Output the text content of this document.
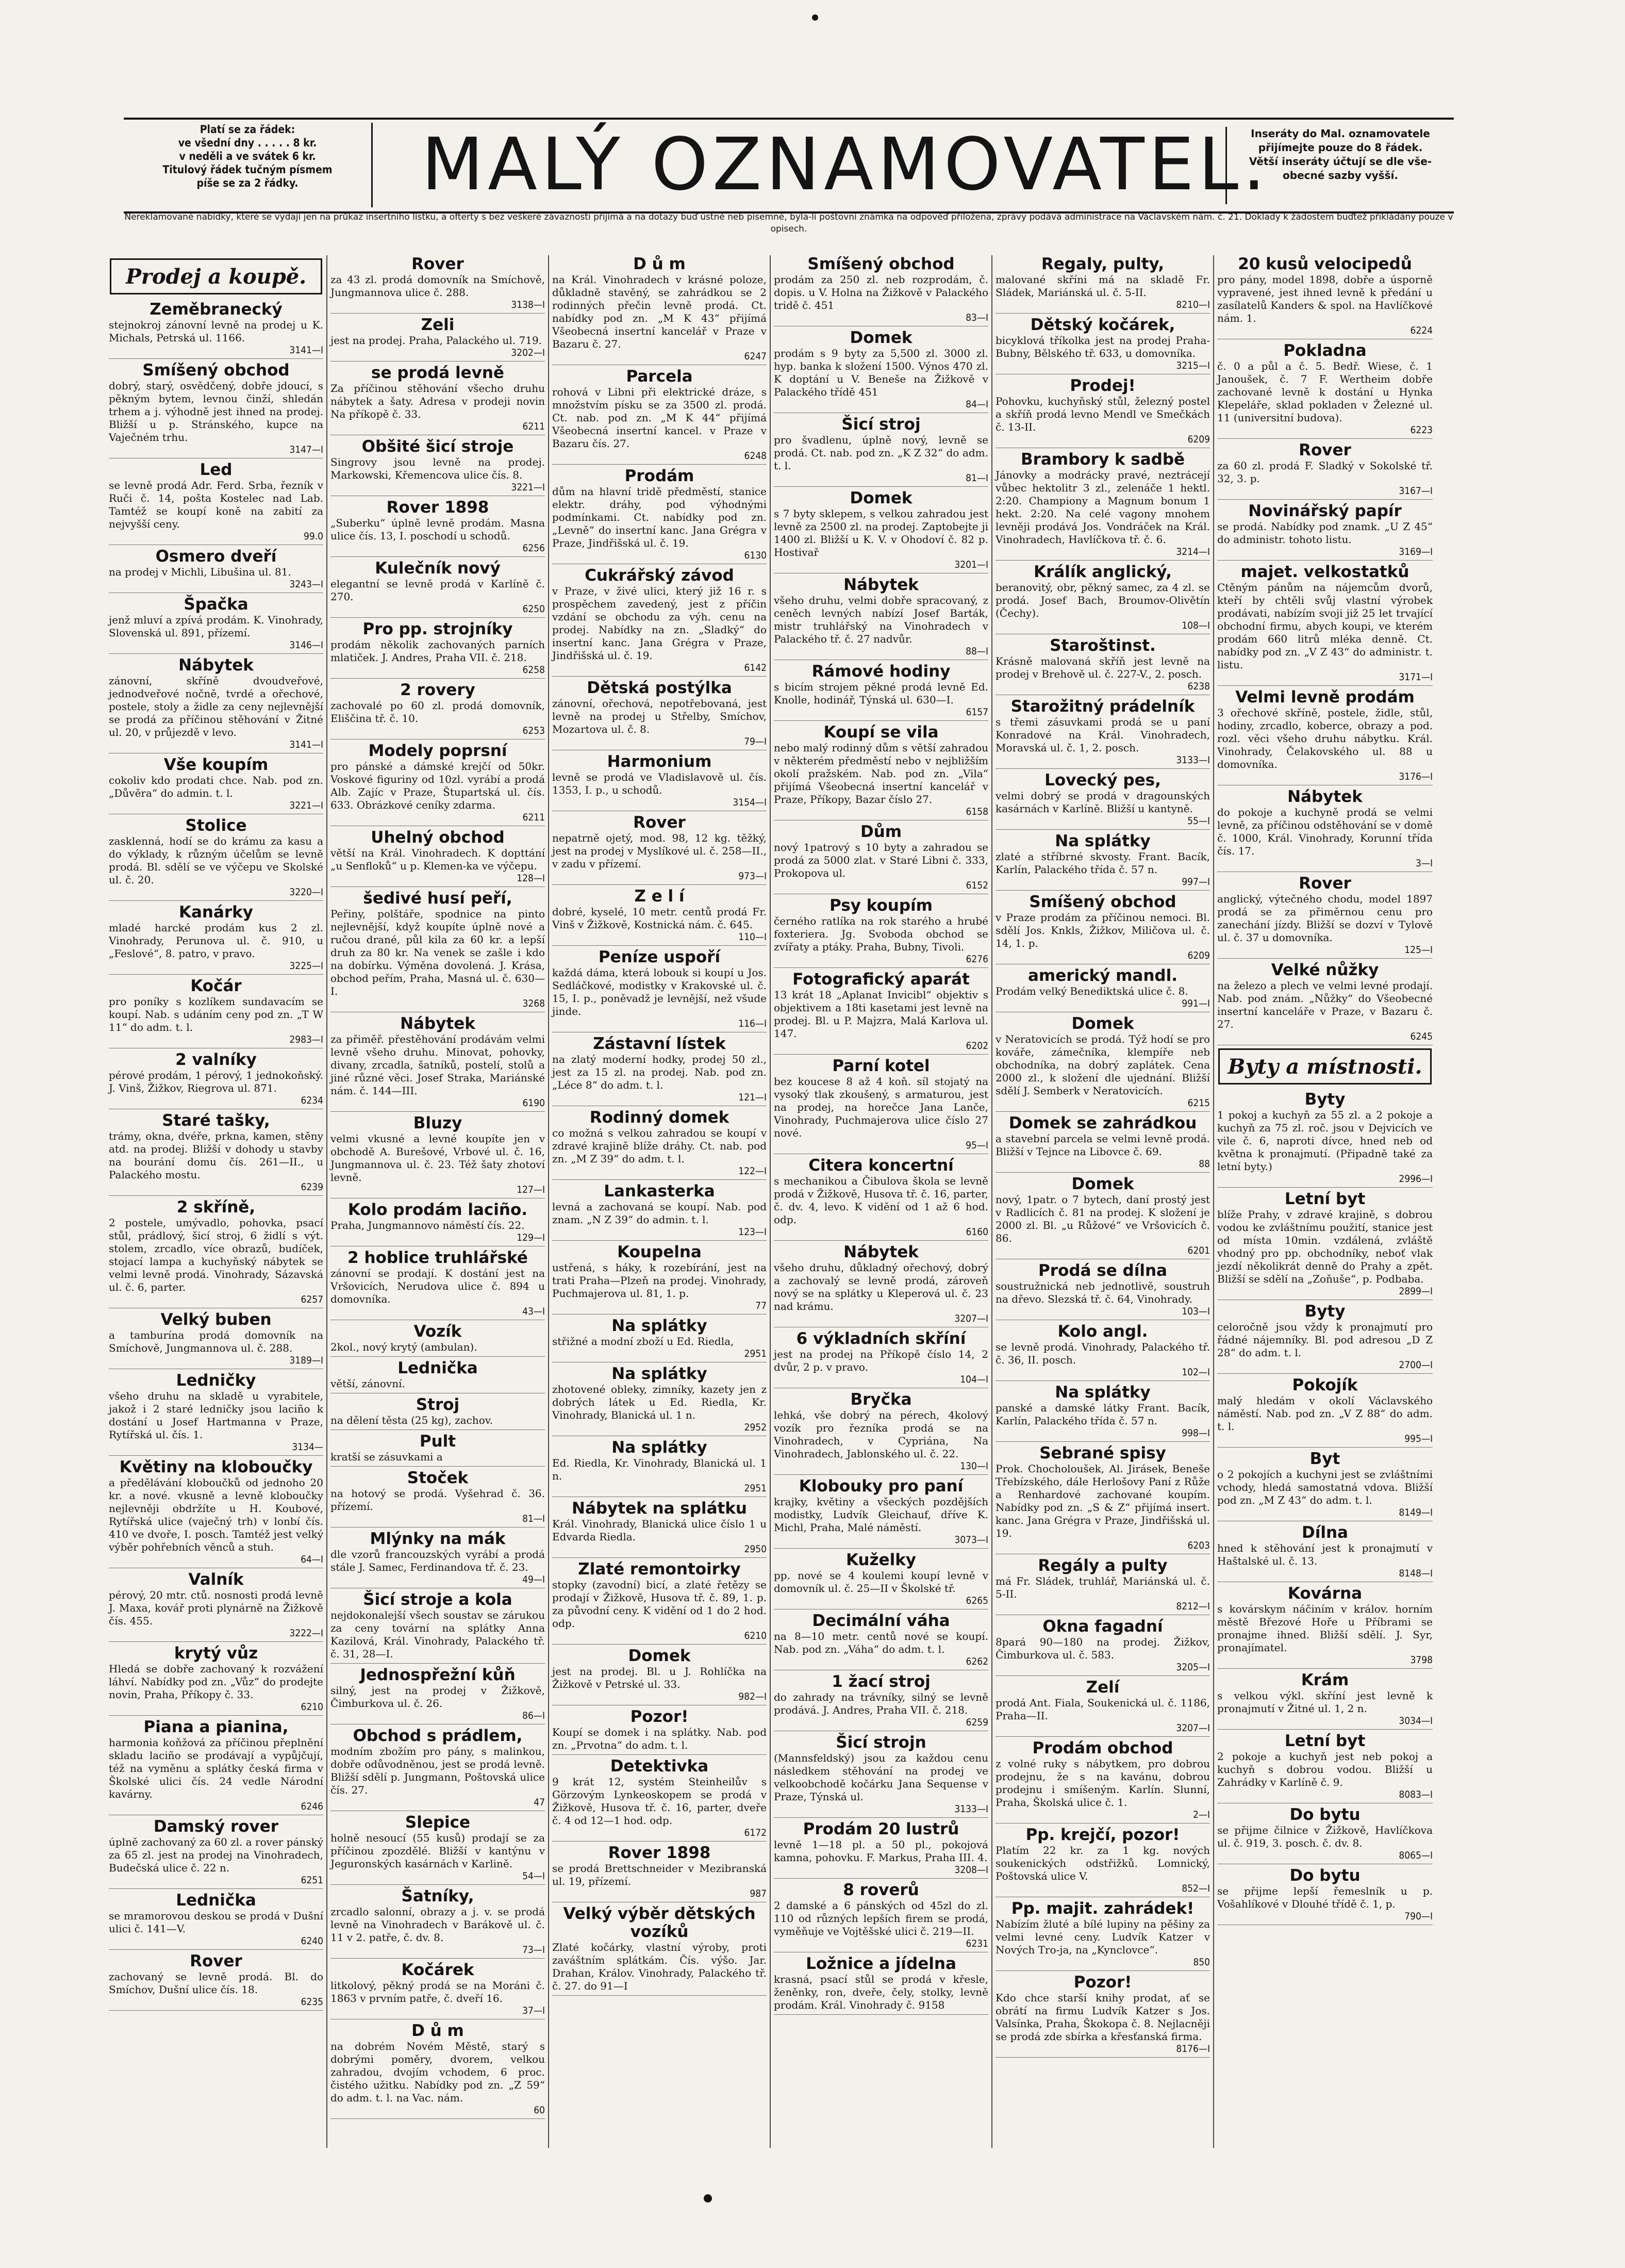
Platí se za řádek:
ve všední dny . . . . . 8 kr.
v neděli a ve svátek 6 kr.
Titulový řádek tučným písmem
píše se za 2 řádky.	MALÝ OZNAMOVATEL.
Inseráty do Mal. oznamovatele
přijímejte pouze do 8 řádek.
Větší inseráty účtují se dle vše-
obecné sazby vyšší.
Nereklamované nabídky, které se vydají jen na průkaz insertního lístku, a ofterty s bez veškeré závaznosti přijímá a na dotazy buď ústně neb písemné, byla-li poštovní známka na odpověď přiložena, zprávy podává administrace na Václavském nám. č. 21. Doklady k žádostem buďtež přikládány pouze v opisech.
Prodej a koupě.
Zeměbranecký

stejnokroj zánovní levně na prodej u K. Michals, Petrská ul. 1166.

3141—I
Smíšený obchod

dobrý, starý, osvědčený, dobře jdoucí, s pěkným bytem, levnou činží, shledán trhem a j. výhodně jest ihned na prodej. Bližší u p. Stránského, kupce na Vaječném trhu.

3147—I
Led

se levně prodá Adr. Ferd. Srba, řezník v Ruči č. 14, pošta Kostelec nad Lab. Tamtéž se koupí koně na zabití za nejvyšší ceny.

99.0
Osmero dveří

na prodej v Michli, Libušina ul. 81.

3243—I
Špačka

jenž mluví a zpívá prodám. K. Vinohrady, Slovenská ul. 891, přízemí.

3146—I
Nábytek

zánovní, skříně dvoudveřové, jednodveřové nočně, tvrdé a ořechové, postele, stoly a židle za ceny nejlevnější se prodá za příčinou stěhování v Žitné ul. 20, v průjezdě v levo.

3141—I
Vše koupím

cokoliv kdo prodati chce. Nab. pod zn. „Důvěra“ do admin. t. l.

3221—I
Stolice

zasklenná, hodí se do krámu za kasu a do výklady, k různým účelům se levně prodá. Bl. sdělí se ve výčepu ve Skolské ul. č. 20.

3220—I
Kanárky

mladé harcké prodám kus 2 zl. Vinohrady, Perunova ul. č. 910, u „Feslové“, 8. patro, v pravo.

3225—I
Kočár

pro poníky s kozlíkem sundavacím se koupí. Nab. s udáním ceny pod zn. „T W 11“ do adm. t. l.

2983—I
2 valníky

pérové prodám, 1 pérový, 1 jednokoňský. J. Vinš, Žižkov, Riegrova ul. 871.

6234
Staré tašky,

trámy, okna, dvéře, prkna, kamen, stěny atd. na prodej. Bližší v dohody u stavby na bourání domu čís. 261—II., u Palackého mostu.

6239
2 skříně,

2 postele, umývadlo, pohovka, psací stůl, prádlový, šicí stroj, 6 židlí s výt. stolem, zrcadlo, více obrazů, budíček, stojací lampa a kuchyňský nábytek se velmi levně prodá. Vinohrady, Sázavská ul. č. 6, parter.

6257
Velký buben

a tamburína prodá domovník na Smíchově, Jungmannova ul. č. 288.

3189—I
Ledničky

všeho druhu na skladě u vyrabitele, jakož i 2 staré ledničky jsou laciño k dostání u Josef Hartmanna v Praze, Rytířská ul. čís. 1.

3134—
Květiny na kloboučky

a předělávání kloboučků od jednoho 20 kr. a nové. vkusně a levně kloboučky nejlevněji obdržíte u H. Koubové, Rytířská ulice (vaječný trh) v lonbí čís. 410 ve dvoře, I. posch. Tamtéž jest velký výběr pohřebních věnců a stuh.

64—I
Valník

pérový, 20 mtr. ctů. nosnosti prodá levně J. Maxa, kovář proti plynárně na Žižkově čís. 455.

3222—I
krytý vůz

Hledá se dobře zachovaný k rozvážení láhví. Nabídky pod zn. „Vůz“ do prodejte novin, Praha, Příkopy č. 33.

6210
Piana a pianina,

harmonia koňžová za příčinou přeplnění skladu laciño se prodávají a vypůjčují, též na vyměnu a splátky česká firma v Školské ulici čís. 24 vedle Národní kavárny.

6246
Damský rover

úplně zachovaný za 60 zl. a rover pánský za 65 zl. jest na prodej na Vinohradech, Budečská ulice č. 22 n.

6251
Lednička

se mramorovou deskou se prodá v Dušní ulici č. 141—V.

6240
Rover

zachovaný se levně prodá. Bl. do Smíchov, Dušní ulice čís. 18.

6235
Rover

za 43 zl. prodá domovník na Smíchově, Jungmannova ulice č. 288.

3138—I
Zeli

jest na prodej. Praha, Palackého ul. 719.

3202—I
se prodá levně

Za příčinou stěhování všecho druhu nábytek a šaty. Adresa v prodeji novin Na příkopě č. 33.

6211
Obšité šicí stroje

Singrovy jsou levně na prodej. Markowski, Křemencova ulice čís. 8.

3221—I
Rover 1898

„Suberku“ úplně levně prodám. Masna ulice čís. 13, I. poschodí u schodů.

6256
Kulečník nový

elegantní se levně prodá v Karlíně č. 270.

6250
Pro pp. strojníky

prodám několik zachovaných parních mlatiček. J. Andres, Praha VII. č. 218.

6258
2 rovery

zachovalé po 60 zl. prodá domovník, Eliščina tř. č. 10.

6253
Modely poprsní

pro pánské a dámské krejčí od 50kr. Voskové figuriny od 10zl. vyrábí a prodá Alb. Zajíc v Praze, Štupartská ul. čís. 633. Obrázkové ceníky zdarma.

6211
Uhelný obchod

větší na Král. Vinohradech. K dopttání „u Senfloků“ u p. Klemen-ka ve výčepu.

128—I
šedivé husí peří,

Peřiny, polštáře, spodnice na pinto nejlevnější, když koupíte úplně nové a ručou drané, půl kila za 60 kr. a lepší druh za 80 kr. Na venek se zašle i kdo na dobírku. Výměna dovolená. J. Krása, obchod peřím, Praha, Masná ul. č. 630—I.

3268
Nábytek

za přiměř. přestěhování prodávám velmi levně všeho druhu. Minovat, pohovky, divany, zrcadla, šatníků, postelí, stolů a jiné různé věci. Josef Straka, Mariánské nám. č. 144—III.

6190
Bluzy

velmi vkusné a levné koupíte jen v obchodě A. Burešové, Vrbové ul. č. 16, Jungmannova ul. č. 23. Též šaty zhotoví levně.

127—I
Kolo prodám laciño.

Praha, Jungmannovo náměstí čís. 22.

129—I
2 hoblice truhlářské

zánovní se prodají. K dostání jest na Vršovicích, Nerudova ulice č. 894 u domovníka.

43—I
Vozík

2kol., nový krytý (ambulan).

Lednička

větší, zánovní.

Stroj

na dělení těsta (25 kg), zachov.

Pult

kratší se zásuvkami a

Stoček

na hotový se prodá. Vyšehrad č. 36. přízemí.

81—I
Mlýnky na mák

dle vzorů francouzských vyrábí a prodá stále J. Samec, Ferdinandova tř. č. 23.

49—I
Šicí stroje a kola

nejdokonalejší všech soustav se zárukou za ceny tovární na splátky Anna Kazilová, Král. Vinohrady, Palackého tř. č. 31, 28—I.

Jednospřežní kůň

silný, jest na prodej v Žižkově, Čimburkova ul. č. 26.

86—I
Obchod s prádlem,

modním zbožím pro pány, s malinkou, dobře odůvodněnou, jest se prodá levně. Bližší sdělí p. Jungmann, Poštovská ulice čís. 27.

47
Slepice

holně nesoucí (55 kusů) prodají se za příčinou zpozdělé. Bližší v kantýnu v Jeguronských kasárnách v Karlině.

54—I
Šatníky,

zrcadlo salonní, obrazy a j. v. se prodá levně na Vinohradech v Barákově ul. č. 11 v 2. patře, č. dv. 8.

73—I
Kočárek

litkolový, pěkný prodá se na Moráni č. 1863 v prvním patře, č. dveří 16.

37—I
D ů m

na dobrém Novém Městě, starý s dobrými poměry, dvorem, velkou zahradou, dvojím vchodem, 6 proc. čistého užitku. Nabídky pod zn. „Z 59“ do adm. t. l. na Vac. nám.

60
D ů m

na Král. Vinohradech v krásné poloze, důkladně stavěný, se zahrádkou se 2 rodinných přečin levně prodá. Ct. nabídky pod zn. „M K 43“ přijímá Všeobecná insertní kancelář v Praze v Bazaru č. 27.

6247
Parcela

rohová v Libni při elektrické dráze, s množstvím písku se za 3500 zl. prodá. Ct. nab. pod zn. „M K 44“ přijímá Všeobecná insertní kancel. v Praze v Bazaru čís. 27.

6248
Prodám

dům na hlavní tridě předměstí, stanice elektr. dráhy, pod výhodnými podmínkami. Ct. nabídky pod zn. „Levně“ do insertní kanc. Jana Grégra v Praze, Jindřišská ul. č. 19.

6130
Cukrářský závod

v Praze, v živé ulici, který již 16 r. s prospěchem zavedený, jest z příčin vzdání se obchodu za výh. cenu na prodej. Nabídky na zn. „Sladký“ do insertní kanc. Jana Grégra v Praze, Jindřišská ul. č. 19.

6142
Dětská postýlka

zánovní, ořechová, nepotřebovaná, jest levně na prodej u Střelby, Smíchov, Mozartova ul. č. 8.

79—I
Harmonium

levně se prodá ve Vladislavově ul. čís. 1353, I. p., u schodů.

3154—I
Rover

nepatrně ojetý, mod. 98, 12 kg. těžký, jest na prodej v Myslíkové ul. č. 258—II., v zadu v přízemí.

973—I
Z e l í

dobré, kyselé, 10 metr. centů prodá Fr. Vinš v Žižkově, Kostnická nám. č. 645.

110—I
Peníze uspoří

každá dáma, která lobouk si koupí u Jos. Sedláčkové, modistky v Krakovské ul. č. 15, I. p., poněvadž je levnější, než všude jinde.

116—I
Zástavní lístek

na zlatý moderní hodky, prodej 50 zl., jest za 15 zl. na prodej. Nab. pod zn. „Léce 8“ do adm. t. l.

121—I
Rodinný domek

co možná s velkou zahradou se koupí v zdravé krajině blíže dráhy. Ct. nab. pod zn. „M Z 39“ do adm. t. l.

122—I
Lankasterka

levná a zachovaná se koupí. Nab. pod znam. „N Z 39“ do admin. t. l.

123—I
Koupelna

ustřená, s háky, k rozebírání, jest na trati Praha—Plzeň na prodej. Vinohrady, Puchmajerova ul. 81, 1. p.

77
Na splátky

střižné a modní zboží u Ed. Riedla,

2951
Na splátky

zhotovené obleky, zimníky, kazety jen z dobrých látek u Ed. Riedla, Kr. Vinohrady, Blanická ul. 1 n.

2952
Na splátky

Ed. Riedla, Kr. Vinohrady, Blanická ul. 1 n.

2951
Nábytek na splátku

Král. Vinohrady, Blanická ulice číslo 1 u Edvarda Riedla.

2950
Zlaté remontoirky

stopky (zavodní) bicí, a zlaté řetězy se prodají v Žižkově, Husova tř. č. 89, 1. p. za původní ceny. K vidění od 1 do 2 hod. odp.

6210
Domek

jest na prodej. Bl. u J. Rohlíčka na Žižkově v Petrské ul. 33.

982—I
Pozor!

Koupí se domek i na splátky. Nab. pod zn. „Prvotna“ do adm. t. l.

Detektivka

9 krát 12, systém Steinheilův s Görzovým Lynkeoskopem se prodá v Žižkově, Husova tř. č. 16, parter, dveře č. 4 od 12—1 hod. odp.

6172
Rover 1898

se prodá Brettschneider v Mezibranská ul. 19, přízemí.

987
Velký výběr dětských vozíků

Zlaté kočárky, vlastní výroby, proti zaváštním splátkám. Čís. výšo. Jar. Drahan, Králov. Vinohrady, Palackého tř. č. 27. do 91—I

Smíšený obchod

prodám za 250 zl. neb rozprodám, č. dopis. u V. Holna na Žižkově v Palackého tridě č. 451

83—I
Domek

prodám s 9 byty za 5,500 zl. 3000 zl. hyp. banka k složení 1500. Výnos 470 zl. K doptání u V. Beneše na Žižkově v Palackého třídě 451

84—I
Šicí stroj

pro švadlenu, úplně nový, levně se prodá. Ct. nab. pod zn. „K Z 32“ do adm. t. l.

81—I
Domek

s 7 byty sklepem, s velkou zahradou jest levně za 2500 zl. na prodej. Zaptobejte ji 1400 zl. Bližší u K. V. v Ohodoví č. 82 p. Hostivař

3201—I
Nábytek

všeho druhu, velmi dobře spracovaný, z ceněch levných nabízí Josef Barták, mistr truhlářský na Vinohradech v Palackého tř. č. 27 nadvůr.

88—I
Rámové hodiny

s bicím strojem pěkné prodá levně Ed. Knolle, hodinář, Týnská ul. 630—I.

6157
Koupí se vila

nebo malý rodinný dům s větší zahradou v některém předměstí nebo v nejbližším okolí pražském. Nab. pod zn. „Vila“ přijímá Všeobecná insertní kancelář v Praze, Příkopy, Bazar číslo 27.

6158
Dům

nový 1patrový s 10 byty a zahradou se prodá za 5000 zlat. v Staré Libni č. 333, Prokopova ul.

6152
Psy koupím

černého ratlíka na rok starého a hrubé foxteriera. Jg. Svoboda obchod se zvířaty a ptáky. Praha, Bubny, Tivoli.

6276
Fotografický aparát

13 krát 18 „Aplanat Invicibl“ objektiv s objektivem a 18ti kasetami jest levně na prodej. Bl. u P. Majzra, Malá Karlova ul. 147.

6202
Parní kotel

bez koucese 8 až 4 koň. síl stojatý na vysoký tlak zkoušený, s armaturou, jest na prodej, na horečce Jana Lanče, Vinohrady, Puchmajerova ulice číslo 27 nové.

95—I
Citera koncertní

s mechanikou a Čibulova škola se levně prodá v Žižkově, Husova tř. č. 16, parter, č. dv. 4, levo. K vidění od 1 až 6 hod. odp.

6160
Nábytek

všeho druhu, důkladný ořechový, dobrý a zachovalý se levně prodá, zároveň nový se na splátky u Kleperová ul. č. 23 nad krámu.

3207—I
6 výkladních skříní

jest na prodej na Příkopě číslo 14, 2 dvůr, 2 p. v pravo.

104—I
Bryčka

lehká, vše dobrý na pérech, 4kolový vozík pro řezníka prodá se na Vinohradech, v Cypriána, Na Vinohradech, Jablonského ul. č. 22.

130—I
Klobouky pro paní

krajky, květiny a všeckých pozdějších modistky, Ludvík Gleichauf, dříve K. Michl, Praha, Malé náměstí.

3073—I
Kuželky

pp. nové se 4 koulemi koupí levně v domovník ul. č. 25—II v Školské tř.

6265
Decimální váha

na 8—10 metr. centů nové se koupí. Nab. pod zn. „Váha“ do adm. t. l.

6262
1 žací stroj

do zahrady na trávníky, silný se levně prodává. J. Andres, Praha VII. č. 218.

6259
Šicí strojn

(Mannsfeldský) jsou za každou cenu následkem stěhování na prodej ve velkoobchodě kočárku Jana Sequense v Praze, Týnská ul.

3133—I
Prodám 20 lustrů

levně 1—18 pl. a 50 pl., pokojová kamna, pohovku. F. Markus, Praha III. 4.

3208—I
8 roverů

2 damské a 6 pánských od 45zl do zl. 110 od různých lepších firem se prodá, vyměňuje ve Vojtěšské ulici č. 219—II.

6231
Ložnice a jídelna

krasná, psací stůl se prodá v křesle, ženěnky, ron, dveře, čely, stolky, levně prodám. Král. Vinohrady č. 9158

Regaly, pulty,

malované skříni má na skladě Fr. Sládek, Mariánská ul. č. 5-II.

8210—I
Dětský kočárek,

bicyklová tříkolka jest na prodej Praha-Bubny, Bělského tř. 633, u domovníka.

3215—I
Prodej!

Pohovku, kuchyňský stůl, železný postel a skříň prodá levno Mendl ve Smečkách č. 13-II.

6209
Brambory k sadbě

Jánovky a modrácky pravé, neztrácejí vůbec hektolitr 3 zl., zelenáče 1 hektl. 2:20. Championy a Magnum bonum 1 hekt. 2:20. Na celé vagony mnohem levněji prodává Jos. Vondráček na Král. Vinohradech, Havlíčkova tř. č. 6.

3214—I
Králík anglický,

beranovitý, obr, pěkný samec, za 4 zl. se prodá. Josef Bach, Broumov-Olivětín (Čechy).

108—I
Staroštinst.

Krásně malovaná skříň jest levně na prodej v Brehově ul. č. 227-V., 2. posch.

6238
Starožitný prádelník

s třemi zásuvkami prodá se u paní Konradové na Král. Vinohradech, Moravská ul. č. 1, 2. posch.

3133—I
Lovecký pes,

velmi dobrý se prodá v dragounských kasárnách v Karlíně. Bližší u kantyně.

55—I
Na splátky

zlaté a stříbrné skvosty. Frant. Bacík, Karlín, Palackého třída č. 57 n.

997—I
Smíšený obchod

v Praze prodám za příčinou nemoci. Bl. sdělí Jos. Knkls, Žižkov, Miličova ul. č. 14, 1. p.

6209
americký mandl.

Prodám velký Benediktská ulice č. 8.

991—I
Domek

v Neratovicích se prodá. Týž hodí se pro kováře, zámečníka, klempíře neb obchodníka, na dobrý zaplátek. Cena 2000 zl., k složení dle ujednání. Bližší sdělí J. Semberk v Neratovicích.

6215
Domek se zahrádkou

a stavební parcela se velmi levně prodá. Bližší v Tejnce na Libovce č. 69.

88
Domek

nový, 1patr. o 7 bytech, daní prostý jest v Radlicích č. 81 na prodej. K složení je 2000 zl. Bl. „u Růžové“ ve Vršovicích č. 86.

6201
Prodá se dílna

soustružnická neb jednotlivě, soustruh na dřevo. Slezská tř. č. 64, Vinohrady.

103—I
Kolo angl.

se levně prodá. Vinohrady, Palackého tř. č. 36, II. posch.

102—I
Na splátky

panské a damské látky Frant. Bacík, Karlín, Palackého třída č. 57 n.

998—I
Sebrané spisy

Prok. Chocholoušek, Al. Jirásek, Beneše Třebízského, dále Herlošovy Paní z Růže a Renhardové zachované koupím. Nabídky pod zn. „S & Z“ přijímá insert. kanc. Jana Grégra v Praze, Jindřišská ul. 19.

6203
Regály a pulty

má Fr. Sládek, truhlář, Mariánská ul. č. 5-II.

8212—I
Okna fagadní

8pará 90—180 na prodej. Žižkov, Čimburkova ul. č. 583.

3205—I
Zelí

prodá Ant. Fiala, Soukenická ul. č. 1186, Praha—II.

3207—I
Prodám obchod

z volné ruky s nábytkem, pro dobrou prodejnu, že s na kavánu, dobrou prodejnu i smíšeným. Karlín. Slunní, Praha, Školská ulice č. 1.

2—I
Pp. krejčí, pozor!

Platím 22 kr. za 1 kg. nových soukenických odstřižků. Lomnický, Poštovská ulice V.

852—I
Pp. majit. zahrádek!

Nabízím žluté a bílé lupiny na pěšiny za velmi levné ceny. Ludvík Katzer v Nových Tro-ja, na „Kynclovce“.

850
Pozor!

Kdo chce starší knihy prodat, ať se obrátí na firmu Ludvík Katzer s Jos. Valsínka, Praha, Škokopa č. 8. Nejlacněji se prodá zde sbírka a křesťanská firma.

8176—I
20 kusů velocipedů

pro pány, model 1898, dobře a úsporně vypravené, jest ihned levně k předání u zasílatelů Kanders & spol. na Havlíčkové nám. 1.

6224
Pokladna

č. 0 a půl a č. 5. Bedř. Wiese, č. 1 Janoušek, č. 7 F. Wertheim dobře zachované levně k dostání u Hynka Klepeláře, sklad pokladen v Železné ul. 11 (universitní budova).

6223
Rover

za 60 zl. prodá F. Sladký v Sokolské tř. 32, 3. p.

3167—I
Novinářský papír

se prodá. Nabídky pod znamk. „U Z 45“ do administr. tohoto listu.

3169—I
majet. velkostatků

Ctěným pánům na nájemcům dvorů, kteří by chtěli svůj vlastní výrobek prodávati, nabízím svoji již 25 let trvající obchodní firmu, abych koupi, ve kterém prodám 660 litrů mléka denně. Ct. nabídky pod zn. „V Z 43“ do administr. t. listu.

3171—I
Velmi levně prodám

3 ořechové skříně, postele, židle, stůl, hodiny, zrcadlo, koberce, obrazy a pod. rozl. věci všeho druhu nábytku. Král. Vinohrady, Čelakovského ul. 88 u domovníka.

3176—I
Nábytek

do pokoje a kuchyně prodá se velmi levně, za příčinou odstěhování se v domě č. 1000, Král. Vinohrady, Korunní třída čís. 17.

3—I
Rover

anglický, výtečného chodu, model 1897 prodá se za přiměrnou cenu pro zanechání jízdy. Bližší se dozví v Tylově ul. č. 37 u domovníka.

125—I
Velké nůžky

na železo a plech ve velmi levné prodají. Nab. pod znám. „Nůžky“ do Všeobecné insertní kanceláře v Praze, v Bazaru č. 27.

6245
Byty a místnosti.
Byty

1 pokoj a kuchyň za 55 zl. a 2 pokoje a kuchyň za 75 zl. roč. jsou v Dejvicích ve vile č. 6, naproti dívce, hned neb od května k pronajmutí. (Připadně také za letní byty.)

2996—I
Letní byt

blíže Prahy, v zdravé krajině, s dobrou vodou ke zvláštnímu použití, stanice jest od místa 10min. vzdálená, zvláště vhodný pro pp. obchodníky, neboť vlak jezdí několikrát denně do Prahy a zpět. Bližší se sdělí na „Zoňuše“, p. Podbaba.

2899—I
Byty

celoročně jsou vždy k pronajmutí pro řádné nájemníky. Bl. pod adresou „D Z 28“ do adm. t. l.

2700—I
Pokojík

malý hledám v okolí Václavského náměstí. Nab. pod zn. „V Z 88“ do adm. t. l.

995—I
Byt

o 2 pokojích a kuchyni jest se zvláštními vchody, hledá samostatná vdova. Bližší pod zn. „M Z 43“ do adm. t. l.

8149—I
Dílna

hned k stěhování jest k pronajmutí v Haštalské ul. č. 13.

8148—I
Kovárna

s kovárskym náčiním v králov. horním městě Březové Hoře u Příbrami se pronajme ihned. Bližší sdělí. J. Syr, pronajímatel.

3798
Krám

s velkou výkl. skříní jest levně k pronajmutí v Žitné ul. 1, 2 n.

3034—I
Letní byt

2 pokoje a kuchyň jest neb pokoj a kuchyň s dobrou vodou. Bližší u Zahrádky v Karlíně č. 9.

8083—I
Do bytu

se přijme čilnice v Žižkově, Havlíčkova ul. č. 919, 3. posch. č. dv. 8.

8065—I
Do bytu

se přijme lepší řemeslník u p. Vošahlíkové v Dlouhé třídě č. 1, p.

790—I
